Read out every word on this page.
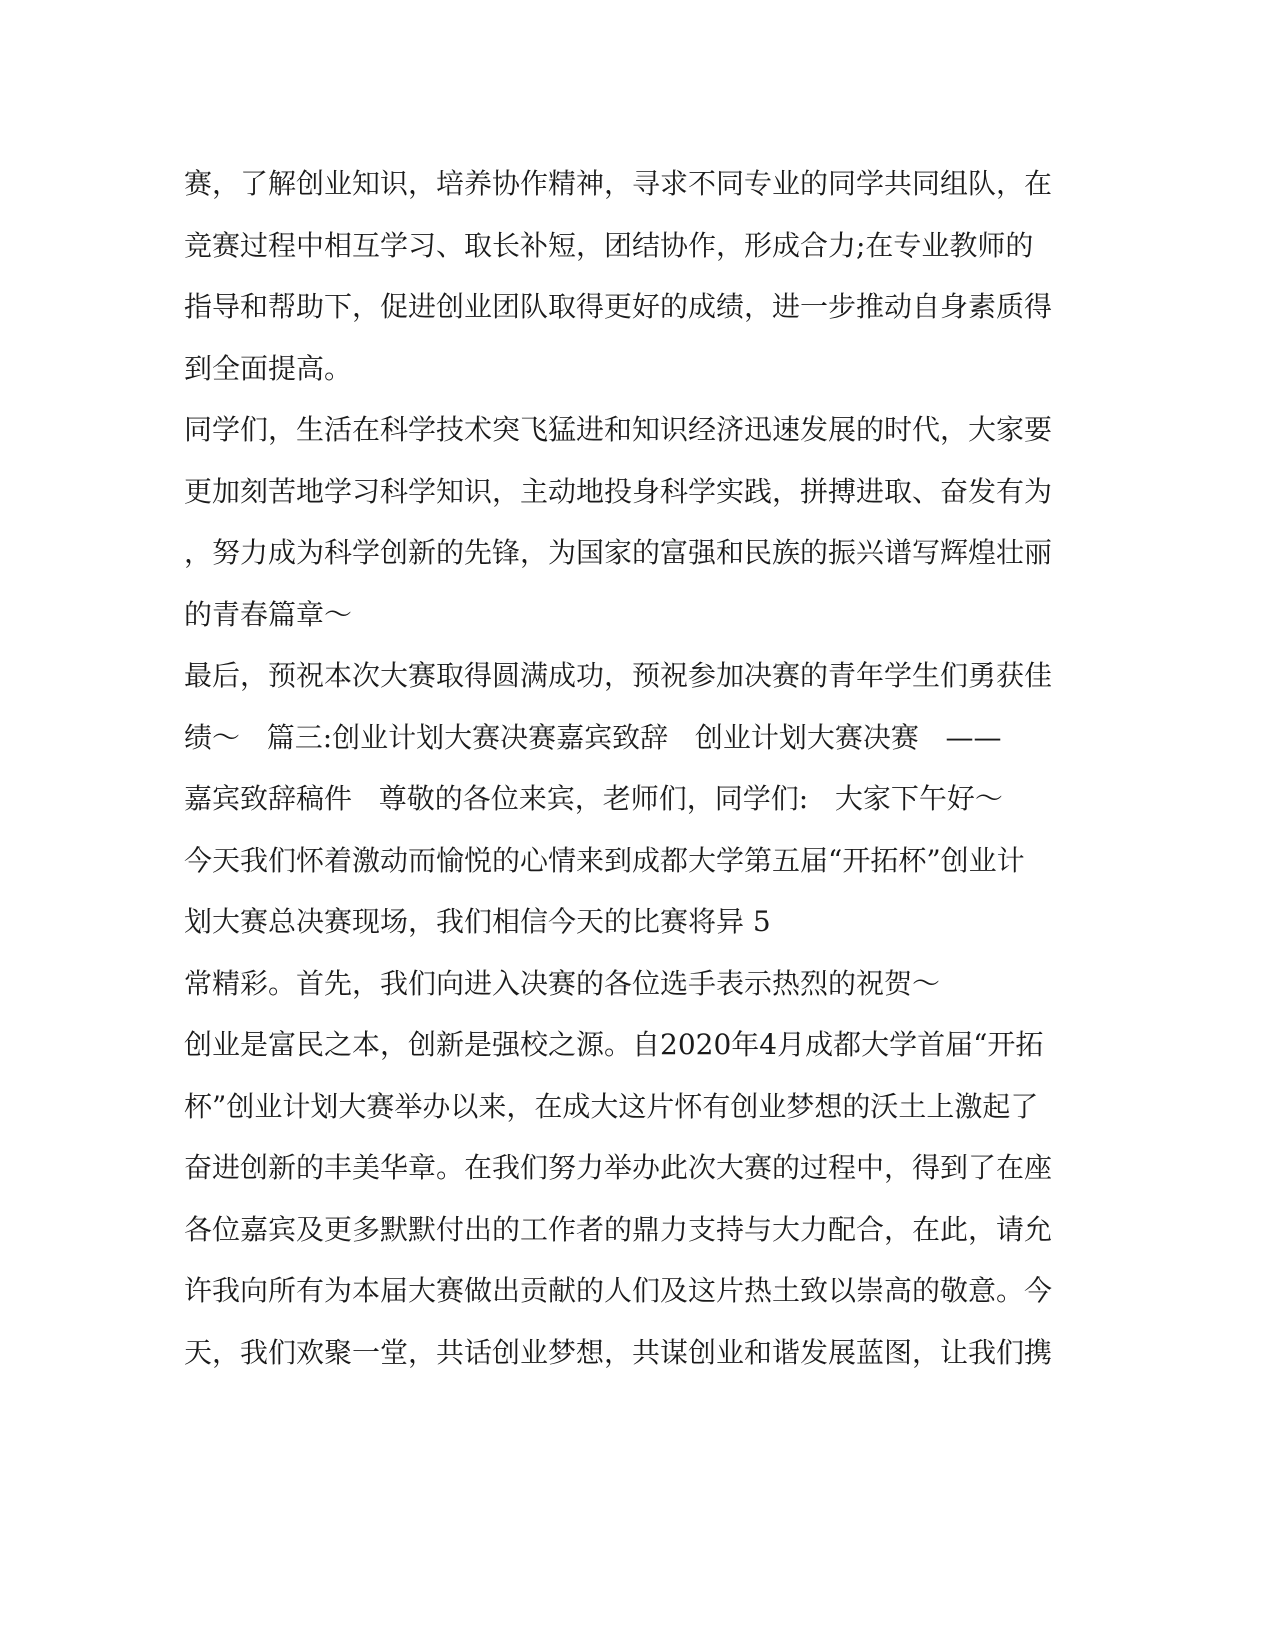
赛，了解创业知识，培养协作精神，寻求不同专业的同学共同组队，在

竞赛过程中相互学习、取长补短，团结协作，形成合力;在专业教师的

指导和帮助下，促进创业团队取得更好的成绩，进一步推动自身素质得

到全面提高。

同学们，生活在科学技术突飞猛进和知识经济迅速发展的时代，大家要

更加刻苦地学习科学知识，主动地投身科学实践，拼搏进取、奋发有为

，努力成为科学创新的先锋，为国家的富强和民族的振兴谱写辉煌壮丽

的青春篇章～

最后，预祝本次大赛取得圆满成功，预祝参加决赛的青年学生们勇获佳

绩～   篇三:创业计划大赛决赛嘉宾致辞   创业计划大赛决赛   ——

嘉宾致辞稿件   尊敬的各位来宾，老师们，同学们:   大家下午好～

今天我们怀着激动而愉悦的心情来到成都大学第五届“开拓杯”创业计

划大赛总决赛现场，我们相信今天的比赛将异 5

常精彩。首先，我们向进入决赛的各位选手表示热烈的祝贺～

创业是富民之本，创新是强校之源。自2020年4月成都大学首届“开拓

杯”创业计划大赛举办以来，在成大这片怀有创业梦想的沃土上激起了

奋进创新的丰美华章。在我们努力举办此次大赛的过程中，得到了在座

各位嘉宾及更多默默付出的工作者的鼎力支持与大力配合，在此，请允

许我向所有为本届大赛做出贡献的人们及这片热土致以崇高的敬意。今

天，我们欢聚一堂，共话创业梦想，共谋创业和谐发展蓝图，让我们携
